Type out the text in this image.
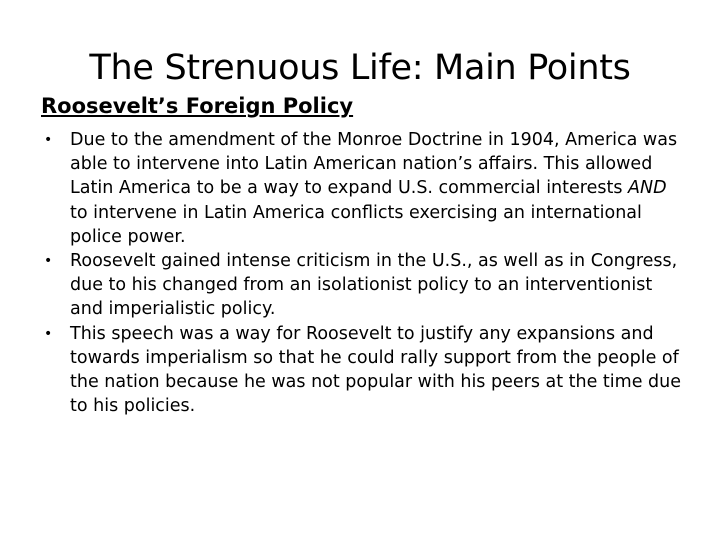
The Strenuous Life: Main Points
Roosevelt’s Foreign Policy
• Due to the amendment of the Monroe Doctrine in 1904, America was able to intervene into Latin American nation’s affairs. This allowed Latin America to be a way to expand U.S. commercial interests AND to intervene in Latin America conflicts exercising an international police power.
• Roosevelt gained intense criticism in the U.S., as well as in Congress, due to his changed from an isolationist policy to an interventionist and imperialistic policy.
• This speech was a way for Roosevelt to justify any expansions and towards imperialism so that he could rally support from the people of the nation because he was not popular with his peers at the time due to his policies.
